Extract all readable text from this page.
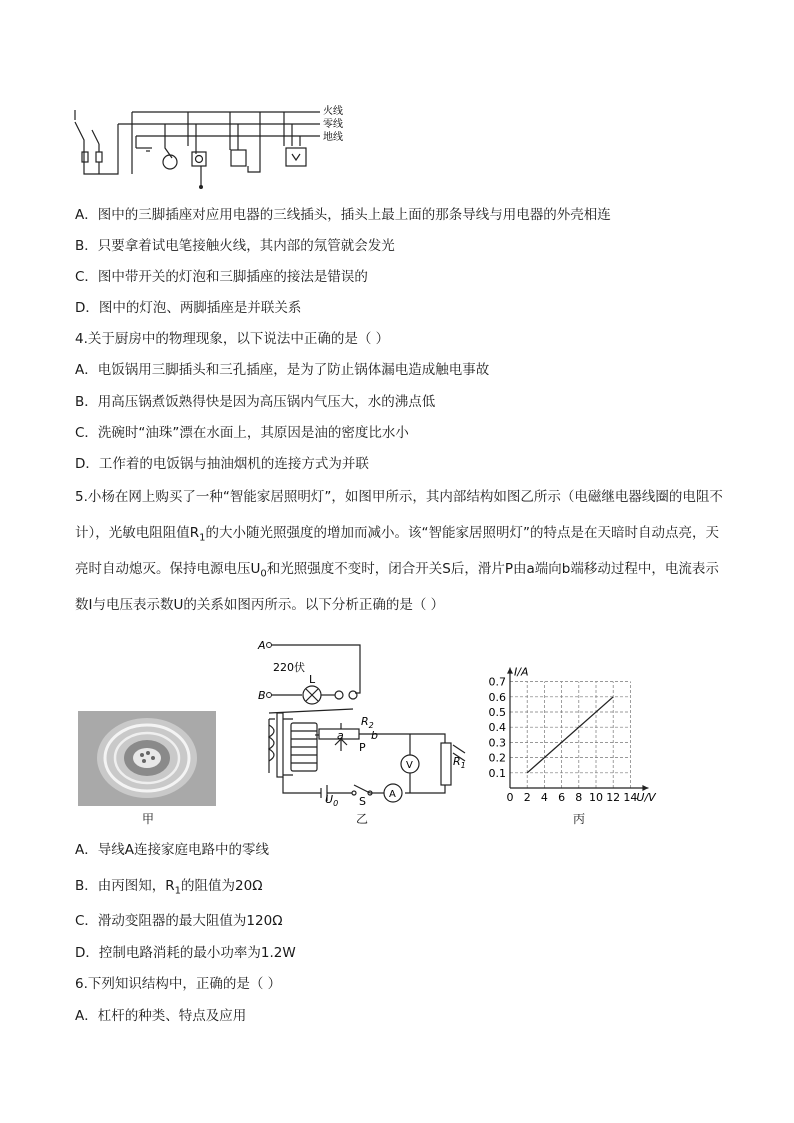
火线
零线
地线
A．图中的三脚插座对应用电器的三线插头，插头上最上面的那条导线与用电器的外壳相连
B．只要拿着试电笔接触火线，其内部的氖管就会发光
C．图中带开关的灯泡和三脚插座的接法是错误的
D．图中的灯泡、两脚插座是并联关系
4.关于厨房中的物理现象，以下说法中正确的是（ ）
A．电饭锅用三脚插头和三孔插座，是为了防止锅体漏电造成触电事故
B．用高压锅煮饭熟得快是因为高压锅内气压大，水的沸点低
C．洗碗时“油珠”漂在水面上，其原因是油的密度比水小
D．工作着的电饭锅与抽油烟机的连接方式为并联
5.小杨在网上购买了一种“智能家居照明灯”，如图甲所示，其内部结构如图乙所示（电磁继电器线圈的电阻不计），光敏电阻阻值$R_1$的大小随光照强度的增加而减小。该“智能家居照明灯”的特点是在天暗时自动点亮，天亮时自动熄灭。保持电源电压$U_0$和光照强度不变时，闭合开关S后，滑片P由a端向b端移动过程中，电流表示数I与电压表示数U的关系如图丙所示。以下分析正确的是（ ）
甲
A
B
220伏
L
$R_2$
a b
P
V	$R_1$
A
$U_0$ S
乙
0 2 4 6 8 10 12 14
0.1
0.2
0.3
0.4
0.5
0.6
0.7
I/A
U/V
丙
A．导线A连接家庭电路中的零线
B．由丙图知，$R_1$的阻值为20Ω
C．滑动变阻器的最大阻值为120Ω
D．控制电路消耗的最小功率为1.2W
6.下列知识结构中，正确的是（ ）
A．杠杆的种类、特点及应用
